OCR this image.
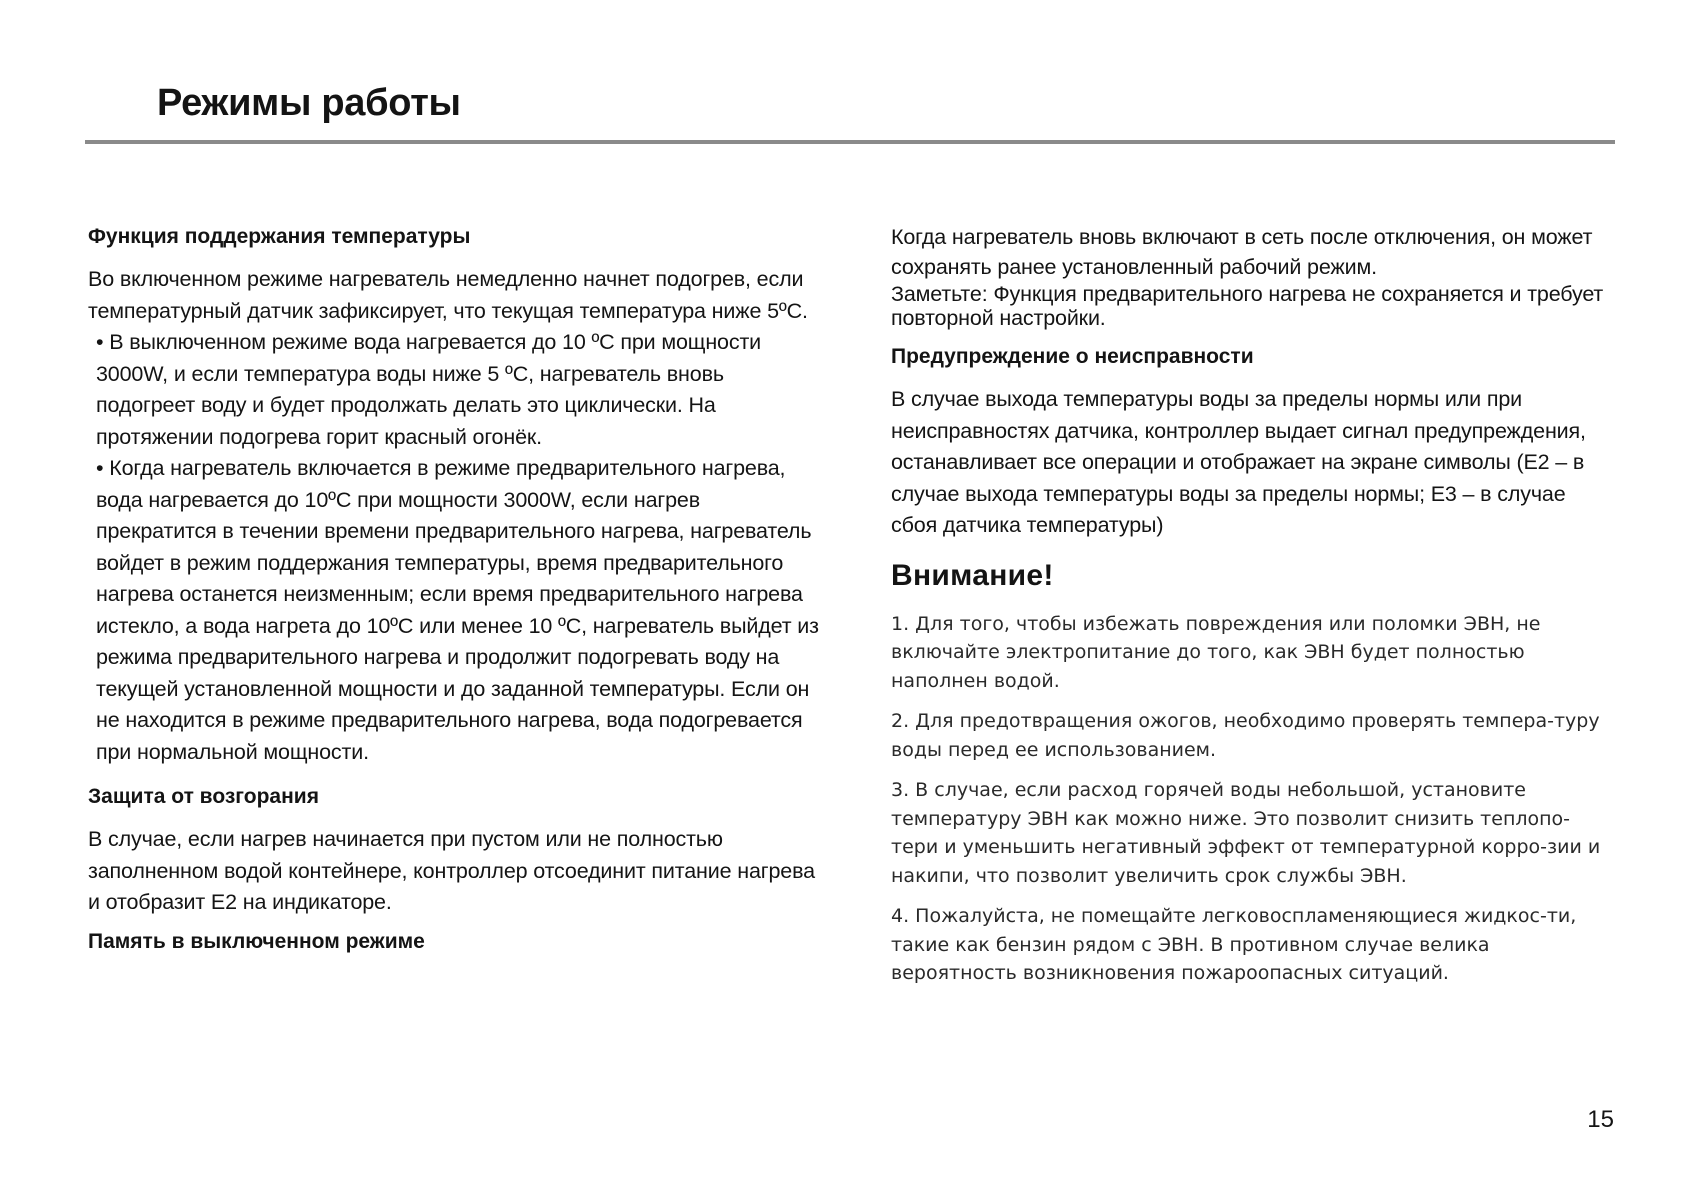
Режимы работы
Функция поддержания температуры

Во включенном режиме нагреватель немедленно начнет подогрев, если температурный датчик зафиксирует, что текущая температура ниже 5ºC.

• В выключенном режиме вода нагревается до 10 ºC при мощности 3000W, и если температура воды ниже 5 ºC, нагреватель вновь подогреет воду и будет продолжать делать это циклически. На протяжении подогрева горит красный огонёк.

• Когда нагреватель включается в режиме предварительного нагрева, вода нагревается до 10ºC при мощности 3000W, если нагрев прекратится в течении времени предварительного нагрева, нагреватель войдет в режим поддержания температуры, время предварительного нагрева останется неизменным; если время предварительного нагрева истекло, а вода нагрета до 10ºC или менее 10 ºC, нагреватель выйдет из режима предварительного нагрева и продолжит подогревать воду на текущей установленной мощности и до заданной температуры. Если он не находится в режиме предварительного нагрева, вода подогревается при нормальной мощности.

Защита от возгорания

В случае, если нагрев начинается при пустом или не полностью заполненном водой контейнере, контроллер отсоединит питание нагрева и отобразит E2 на индикаторе.

Память в выключенном режиме

Когда нагреватель вновь включают в сеть после отключения, он может сохранять ранее установленный рабочий режим.

Заметьте: Функция предварительного нагрева не сохраняется и требует повторной настройки.

Предупреждение о неисправности

В случае выхода температуры воды за пределы нормы или при неисправностях датчика, контроллер выдает сигнал предупреждения, останавливает все операции и отображает на экране символы (E2 – в случае выхода температуры воды за пределы нормы; E3 – в случае сбоя датчика температуры)

Внимание!

1. Для того, чтобы избежать повреждения или поломки ЭВН, не включайте электропитание до того, как ЭВН будет полностью наполнен водой.

2. Для предотвращения ожогов, необходимо проверять темпера-туру воды перед ее использованием.

3. В случае, если расход горячей воды небольшой, установите температуру ЭВН как можно ниже. Это позволит снизить теплопо-тери и уменьшить негативный эффект от температурной корро-зии и накипи, что позволит увеличить срок службы ЭВН.

4. Пожалуйста, не помещайте легковоспламеняющиеся жидкос-ти, такие как бензин рядом с ЭВН. В противном случае велика вероятность возникновения пожароопасных ситуаций.

15
